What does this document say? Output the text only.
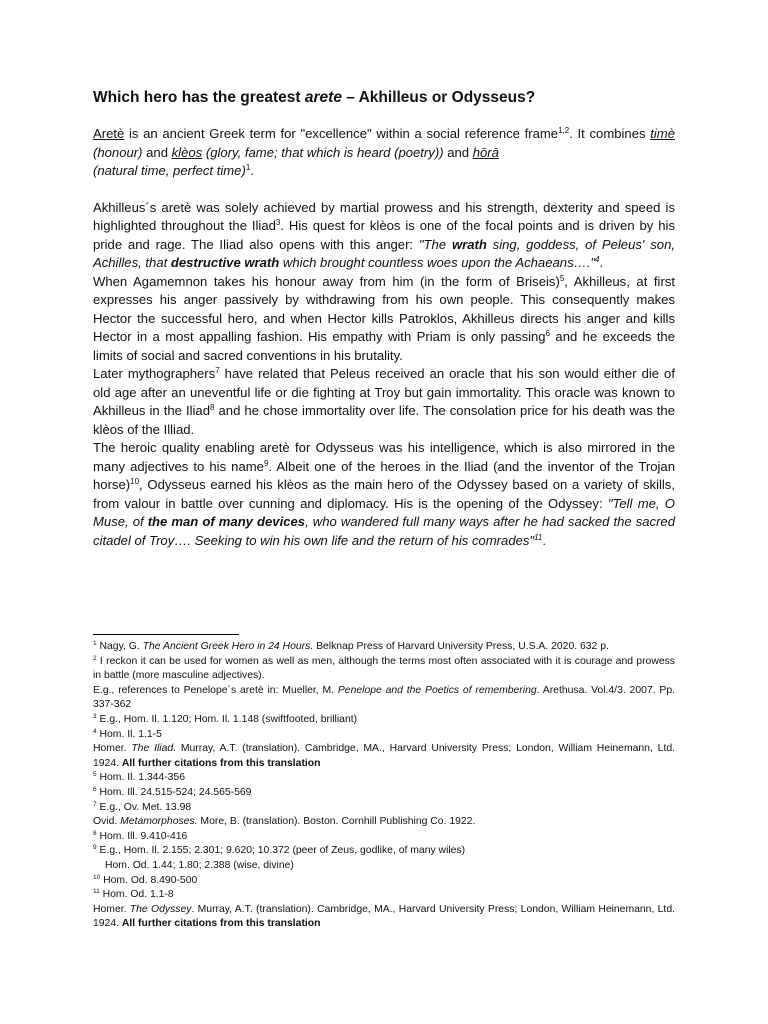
Which hero has the greatest arete – Akhilleus or Odysseus?

Aretè is an ancient Greek term for "excellence" within a social reference frame$^{1,2}$. It combines timè (honour) and klèos (glory, fame; that which is heard (poetry)) and hōrā
(natural time, perfect time)$^1$.

Akhilleus´s aretè was solely achieved by martial prowess and his strength, dexterity and speed is highlighted throughout the Iliad$^3$. His quest for klèos is one of the focal points and is driven by his pride and rage. The Iliad also opens with this anger: "The wrath sing, goddess, of Peleus' son, Achilles, that destructive wrath which brought countless woes upon the Achaeans…."$^4$.

When Agamemnon takes his honour away from him (in the form of Briseis)$^5$, Akhilleus, at first expresses his anger passively by withdrawing from his own people. This consequently makes Hector the successful hero, and when Hector kills Patroklos, Akhilleus directs his anger and kills Hector in a most appalling fashion. His empathy with Priam is only passing$^6$ and he exceeds the limits of social and sacred conventions in his brutality.

Later mythographers$^7$ have related that Peleus received an oracle that his son would either die of old age after an uneventful life or die fighting at Troy but gain immortality. This oracle was known to Akhilleus in the Iliad$^8$ and he chose immortality over life. The consolation price for his death was the klèos of the Illiad.

The heroic quality enabling aretè for Odysseus was his intelligence, which is also mirrored in the many adjectives to his name$^9$. Albeit one of the heroes in the Iliad (and the inventor of the Trojan horse)$^{10}$, Odysseus earned his klèos as the main hero of the Odyssey based on a variety of skills, from valour in battle over cunning and diplomacy. His is the opening of the Odyssey: "Tell me, O Muse, of the man of many devices, who wandered full many ways after he had sacked the sacred citadel of Troy…. Seeking to win his own life and the return of his comrades"$^{11}$.

$^1$ Nagy, G. The Ancient Greek Hero in 24 Hours. Belknap Press of Harvard University Press, U.S.A. 2020. 632 p.
$^2$ I reckon it can be used for women as well as men, although the terms most often associated with it is courage and prowess in battle (more masculine adjectives).
E.g., references to Penelope´s aretè in: Mueller, M. Penelope and the Poetics of remembering. Arethusa. Vol.4/3. 2007. Pp. 337-362
$^3$ E.g., Hom. Il. 1.120; Hom. Il. 1.148 (swiftfooted, brilliant)
$^4$ Hom. Il. 1.1-5
Homer. The Iliad. Murray, A.T. (translation). Cambridge, MA., Harvard University Press; London, William Heinemann, Ltd. 1924. All further citations from this translation
$^5$ Hom. Il. 1.344-356
$^6$ Hom. Ill. 24.515-524; 24.565-569
$^7$ E.g., Ov. Met. 13.98
Ovid. Metamorphoses. More, B. (translation). Boston. Cornhill Publishing Co. 1922.
$^8$ Hom. Ill. 9.410-416
$^9$ E.g., Hom. Il. 2.155; 2.301; 9.620; 10.372 (peer of Zeus, godlike, of many wiles)
Hom. Od. 1.44; 1.80; 2.388 (wise, divine)
$^{10}$ Hom. Od. 8.490-500
$^{11}$ Hom. Od. 1.1-8
Homer. The Odyssey. Murray, A.T. (translation). Cambridge, MA., Harvard University Press; London, William Heinemann, Ltd. 1924. All further citations from this translation
